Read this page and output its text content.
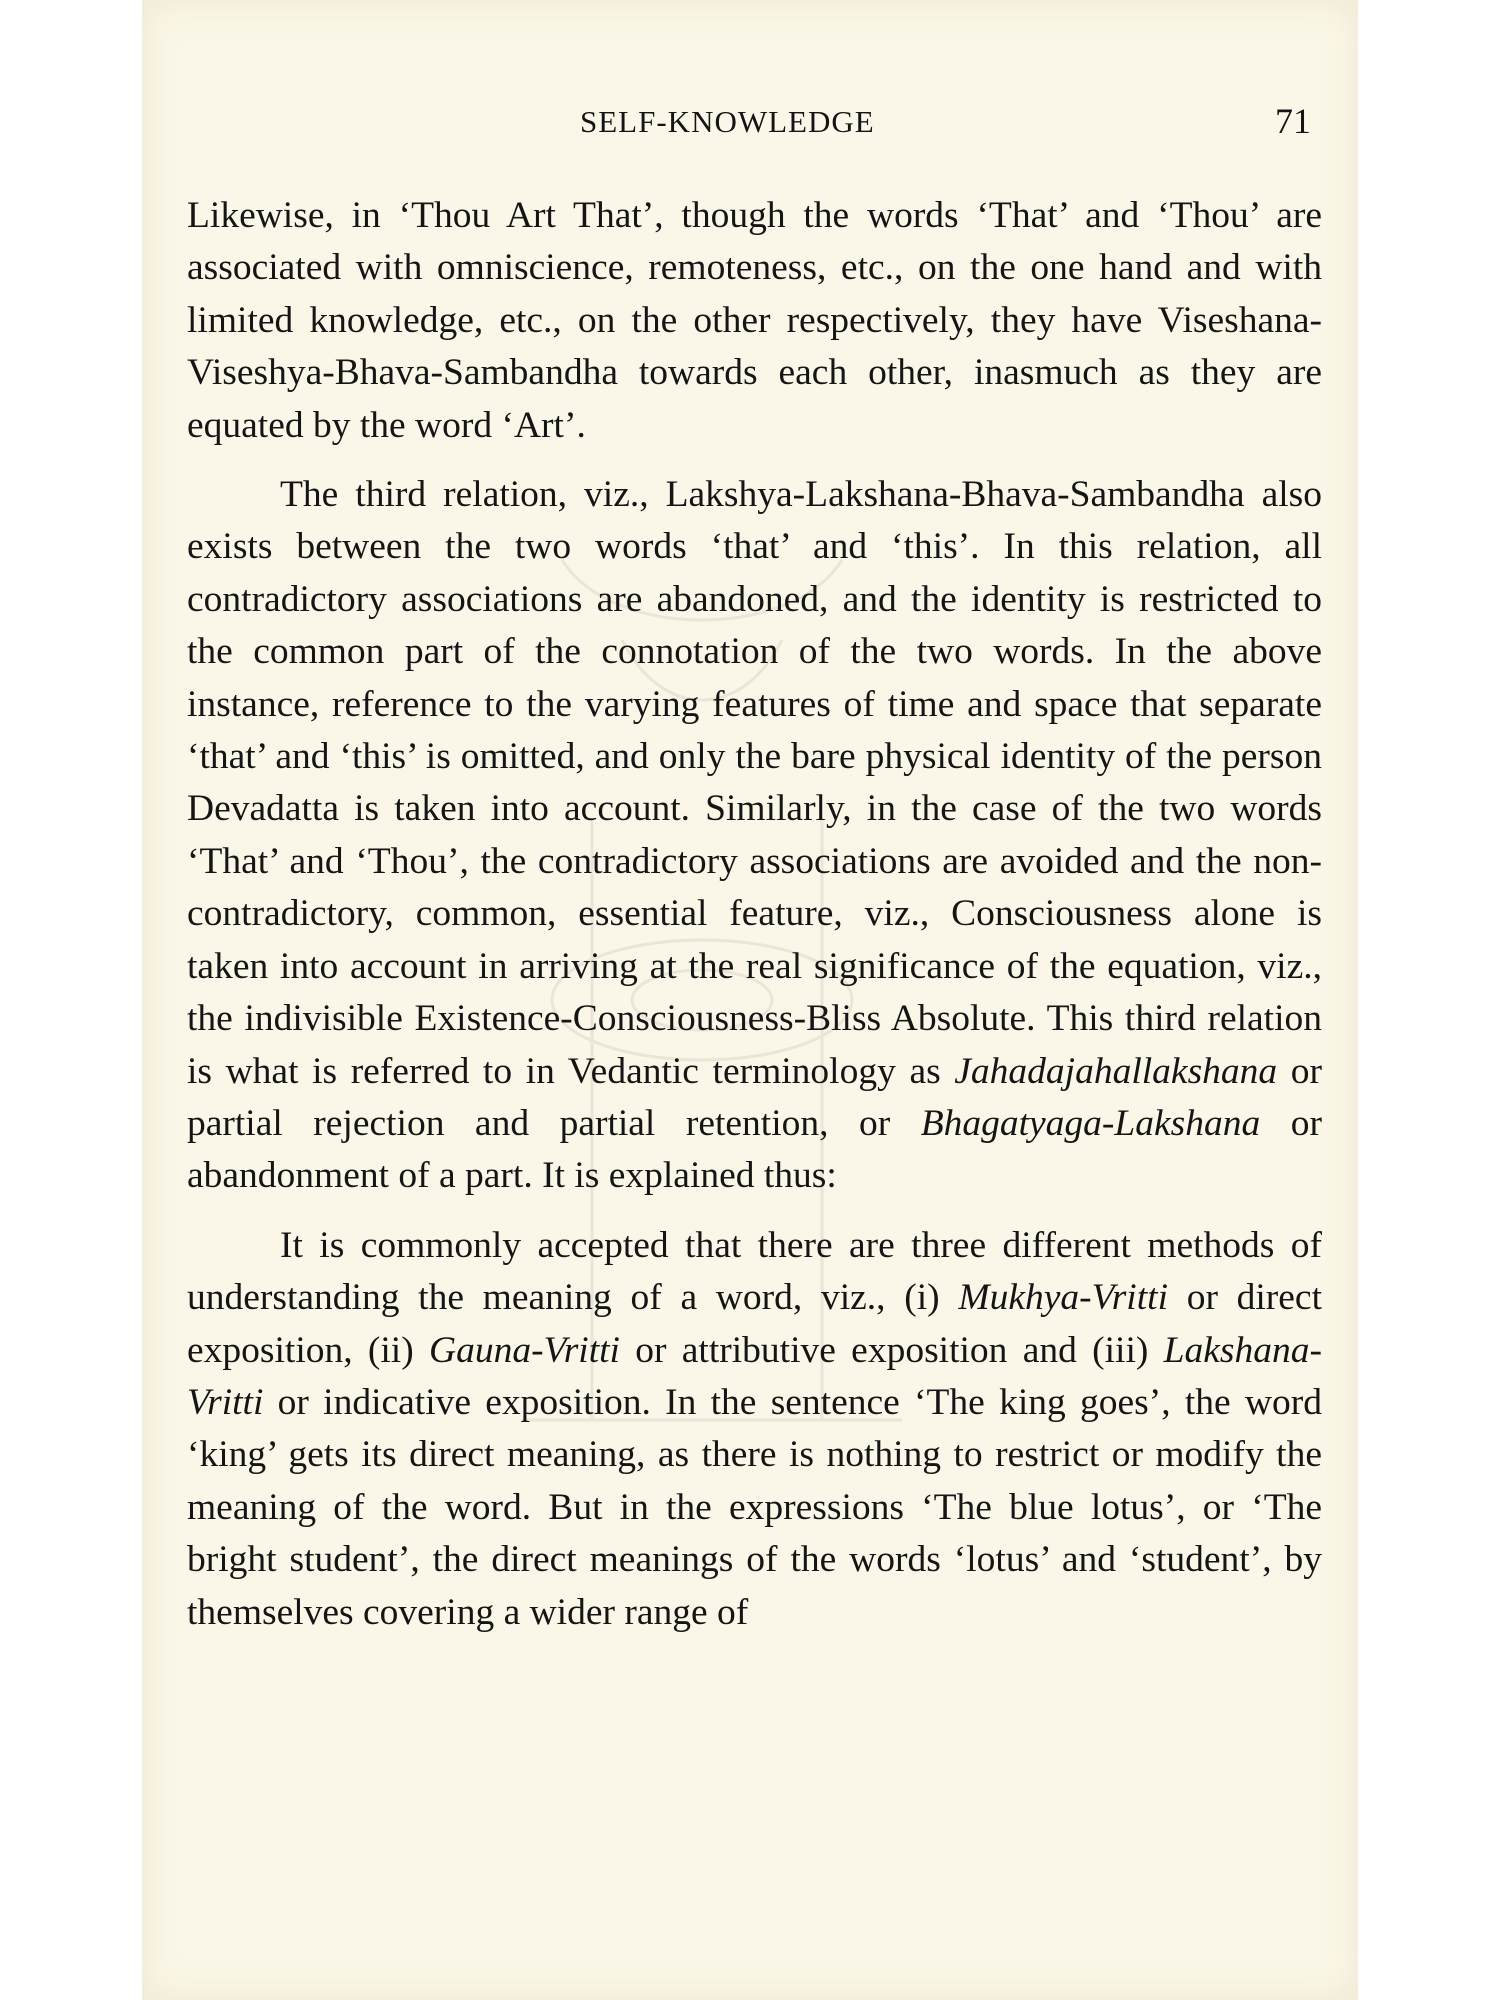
SELF-KNOWLEDGE	71

Likewise, in ‘Thou Art That’, though the words ‘That’ and ‘Thou’ are associated with omniscience, remoteness, etc., on the one hand and with limited knowledge, etc., on the other respectively, they have Viseshana-Viseshya-Bhava-Sambandha towards each other, inasmuch as they are equated by the word ‘Art’.

The third relation, viz., Lakshya-Lakshana-Bhava-Sambandha also exists between the two words ‘that’ and ‘this’. In this relation, all contradictory associations are abandoned, and the identity is restricted to the common part of the connotation of the two words. In the above instance, reference to the varying features of time and space that separate ‘that’ and ‘this’ is omitted, and only the bare physical identity of the person Devadatta is taken into account. Similarly, in the case of the two words ‘That’ and ‘Thou’, the contradictory associations are avoided and the non-contradictory, common, essential feature, viz., Consciousness alone is taken into account in arriving at the real significance of the equation, viz., the indivisible Existence-Consciousness-Bliss Absolute. This third relation is what is referred to in Vedantic terminology as Jahadajahallakshana or partial rejection and partial retention, or Bhagatyaga-Lakshana or abandonment of a part. It is explained thus:

It is commonly accepted that there are three different methods of understanding the meaning of a word, viz., (i) Mukhya-Vritti or direct exposition, (ii) Gauna-Vritti or attributive exposition and (iii) Lakshana-Vritti or indicative exposition. In the sentence ‘The king goes’, the word ‘king’ gets its direct meaning, as there is nothing to restrict or modify the meaning of the word. But in the expressions ‘The blue lotus’, or ‘The bright student’, the direct meanings of the words ‘lotus’ and ‘student’, by themselves covering a wider range of
